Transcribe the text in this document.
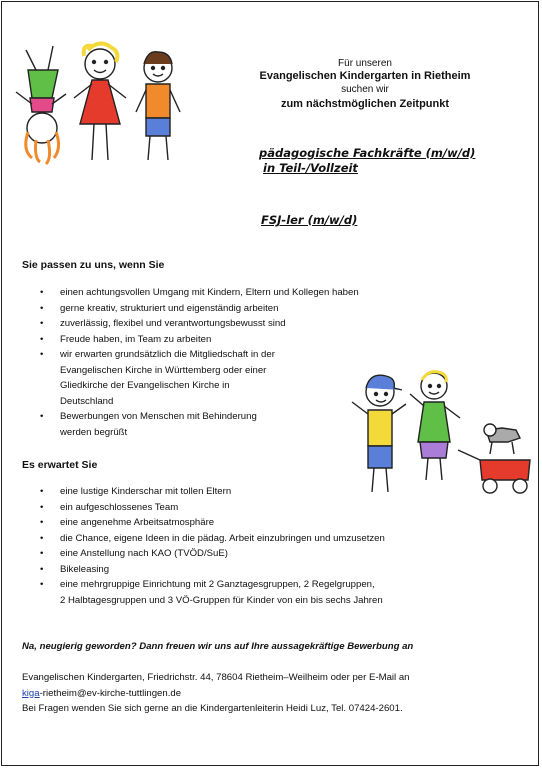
Für unseren
Evangelischen Kindergarten in Rietheim
suchen wir
zum nächstmöglichen Zeitpunkt
pädagogische Fachkräfte (m/w/d)
in Teil-/Vollzeit
FSJ-ler (m/w/d)
Sie passen zu uns, wenn Sie
• einen achtungsvollen Umgang mit Kindern, Eltern und Kollegen haben
• gerne kreativ, strukturiert und eigenständig arbeiten
• zuverlässig, flexibel und verantwortungsbewusst sind
• Freude haben, im Team zu arbeiten
• wir erwarten grundsätzlich die Mitgliedschaft in der
Evangelischen Kirche in Württemberg oder einer
Gliedkirche der Evangelischen Kirche in
Deutschland
• Bewerbungen von Menschen mit Behinderung
werden begrüßt
Es erwartet Sie
• eine lustige Kinderschar mit tollen Eltern
• ein aufgeschlossenes Team
• eine angenehme Arbeitsatmosphäre
• die Chance, eigene Ideen in die pädag. Arbeit einzubringen und umzusetzen
• eine Anstellung nach KAO (TVÖD/SuE)
• Bikeleasing
• eine mehrgruppige Einrichtung mit 2 Ganztagesgruppen, 2 Regelgruppen,
2 Halbtagesgruppen und 3 VÖ-Gruppen für Kinder von ein bis sechs Jahren
Na, neugierig geworden? Dann freuen wir uns auf Ihre aussagekräftige Bewerbung an
Evangelischen Kindergarten, Friedrichstr. 44, 78604 Rietheim–Weilheim oder per E-Mail an
kiga-rietheim@ev-kirche-tuttlingen.de
Bei Fragen wenden Sie sich gerne an die Kindergartenleiterin Heidi Luz, Tel. 07424-2601.
